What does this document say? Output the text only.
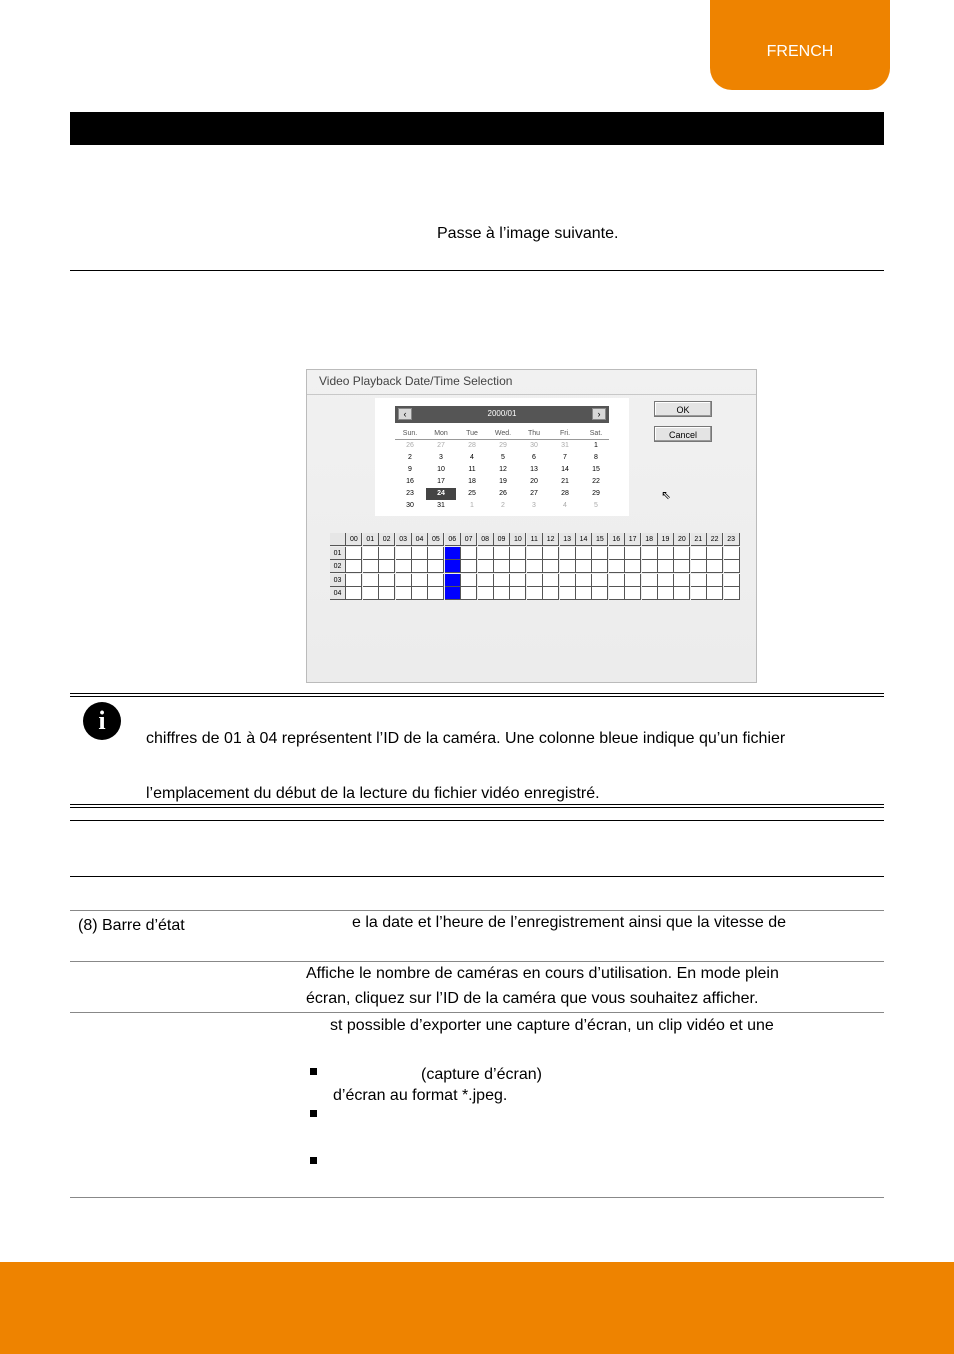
FRENCH
Passe à l’image suivante.
Video Playback Date/Time Selection
2000/01
‹	›
Sun.	Mon	Tue	Wed.	Thu	Fri.	Sat.
26	27	28	29	30	31	1
2	3	4	5	6	7	8
9	10	11	12	13	14	15
16	17	18	19	20	21	22
23	24	25	26	27	28	29
30	31	1	2	3	4	5
OK
Cancel
⇖
00	01	02	03	04	05	06	07	08	09	10	11	12	13	14	15	16	17	18	19	20	21	22	23
01
02
03
04
i
chiffres de 01 à 04 représentent l’ID de la caméra. Une colonne bleue indique qu’un fichier
l’emplacement du début de la lecture du fichier vidéo enregistré.
(8) Barre d’état	e la date et l’heure de l’enregistrement ainsi que la vitesse de
Affiche le nombre de caméras en cours d’utilisation. En mode plein
écran, cliquez sur l’ID de la caméra que vous souhaitez afficher.
st possible d’exporter une capture d’écran, un clip vidéo et une
(capture d’écran)
d’écran au format *.jpeg.
